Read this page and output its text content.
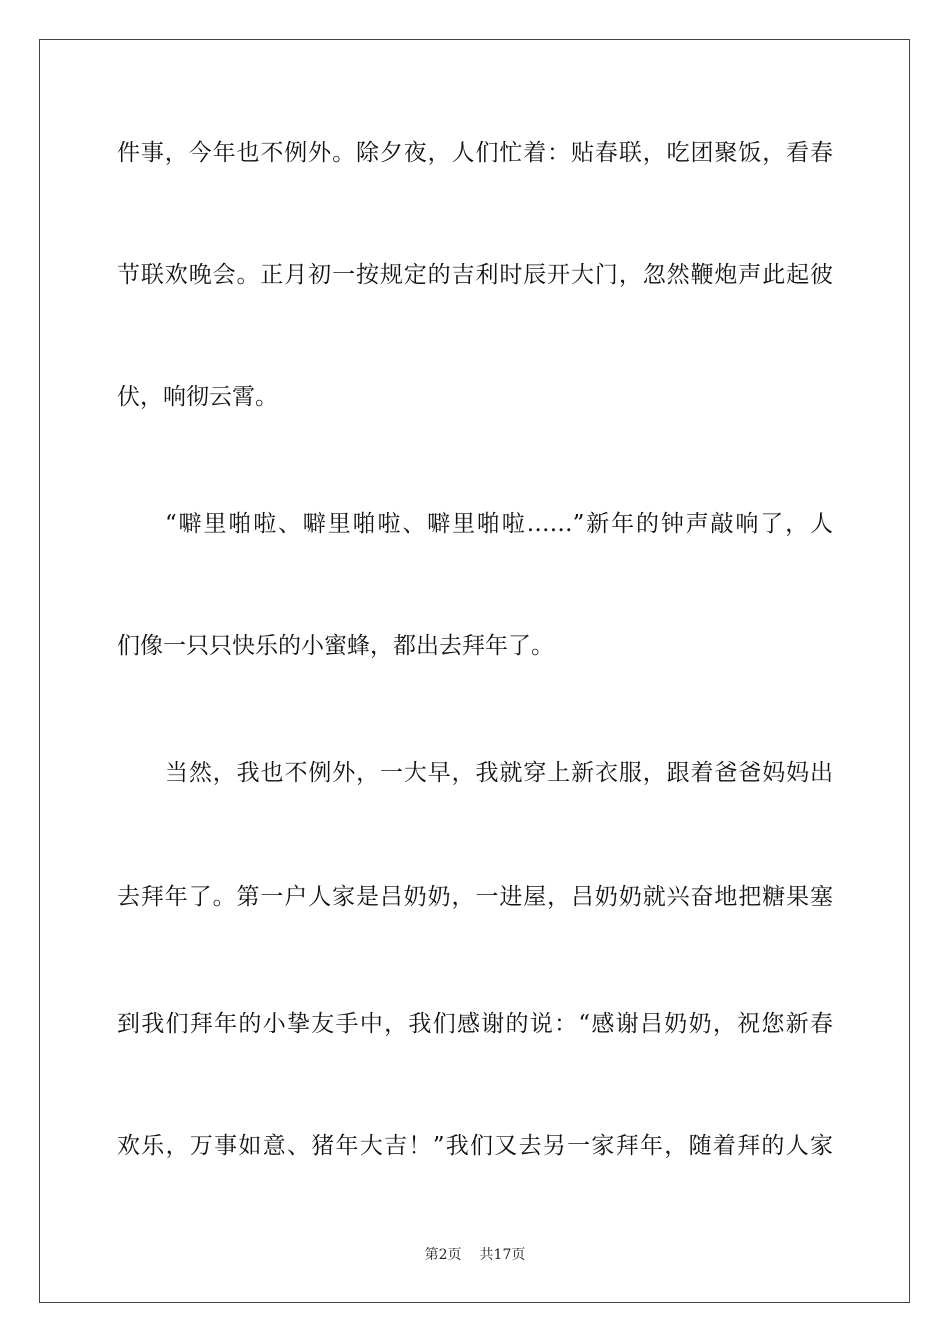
件事，今年也不例外。除夕夜，人们忙着：贴春联，吃团聚饭，看春
节联欢晚会。正月初一按规定的吉利时辰开大门，忽然鞭炮声此起彼
伏，响彻云霄。
“噼里啪啦、噼里啪啦、噼里啪啦……”新年的钟声敲响了，人
们像一只只快乐的小蜜蜂，都出去拜年了。
当然，我也不例外，一大早，我就穿上新衣服，跟着爸爸妈妈出
去拜年了。第一户人家是吕奶奶，一进屋，吕奶奶就兴奋地把糖果塞
到我们拜年的小挚友手中，我们感谢的说：“感谢吕奶奶，祝您新春
欢乐，万事如意、猪年大吉！”我们又去另一家拜年，随着拜的人家
第2页 共17页
